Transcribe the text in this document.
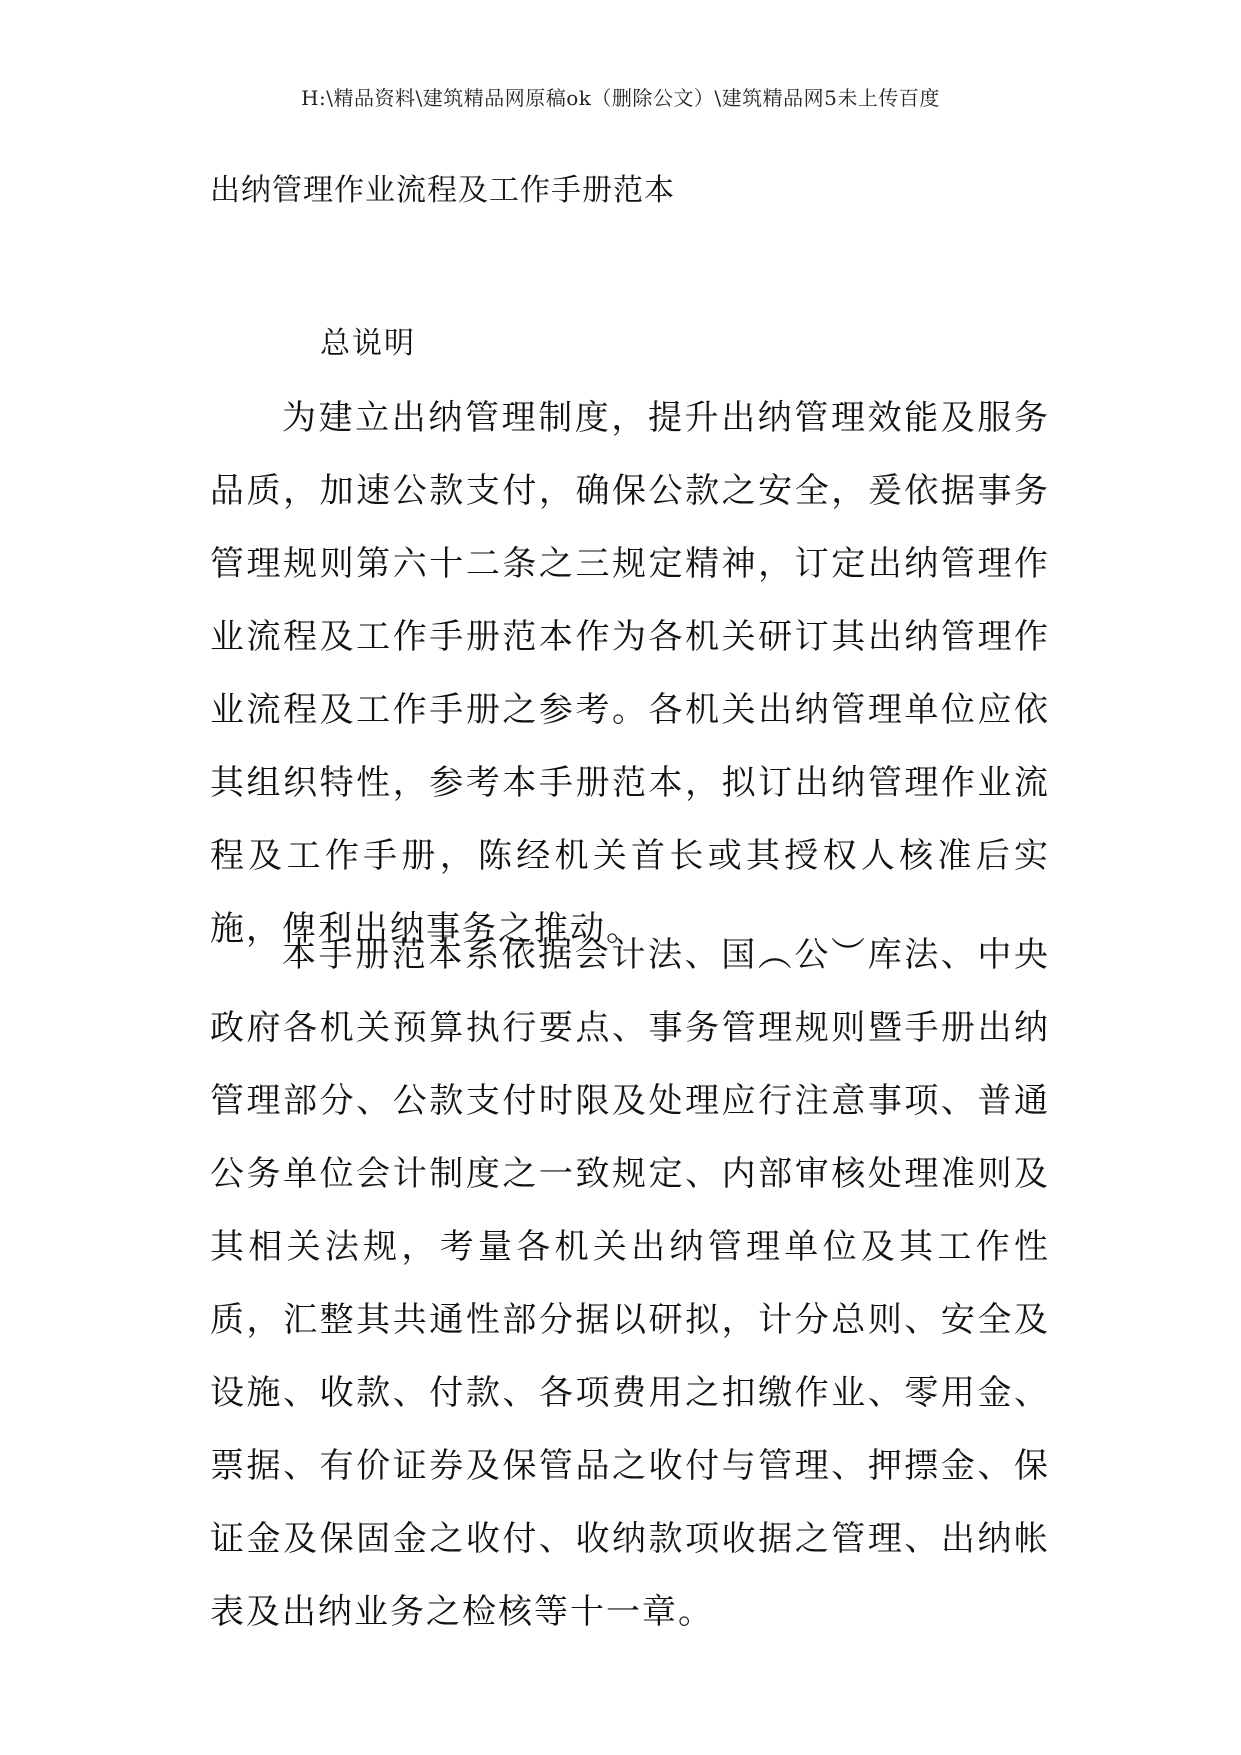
H:\精品资料\建筑精品网原稿ok（删除公文）\建筑精品网5未上传百度
出纳管理作业流程及工作手册范本
总说明

为建立出纳管理制度，提升出纳管理效能及服务品质，加速公款支付，确保公款之安全，爰依据事务管理规则第六十二条之三规定精神，订定出纳管理作业流程及工作手册范本作为各机关研订其出纳管理作业流程及工作手册之参考。各机关出纳管理单位应依其组织特性，参考本手册范本，拟订出纳管理作业流程及工作手册，陈经机关首长或其授权人核准后实施，俾利出纳事务之推动。

本手册范本系依据会计法、国︵公︶库法、中央政府各机关预算执行要点、事务管理规则暨手册出纳管理部分、公款支付时限及处理应行注意事项、普通公务单位会计制度之一致规定、内部审核处理准则及其相关法规，考量各机关出纳管理单位及其工作性质，汇整其共通性部分据以研拟，计分总则、安全及设施、收款、付款、各项费用之扣缴作业、零用金、票据、有价证券及保管品之收付与管理、押摽金、保证金及保固金之收付、收纳款项收据之管理、出纳帐表及出纳业务之检核等十一章。
